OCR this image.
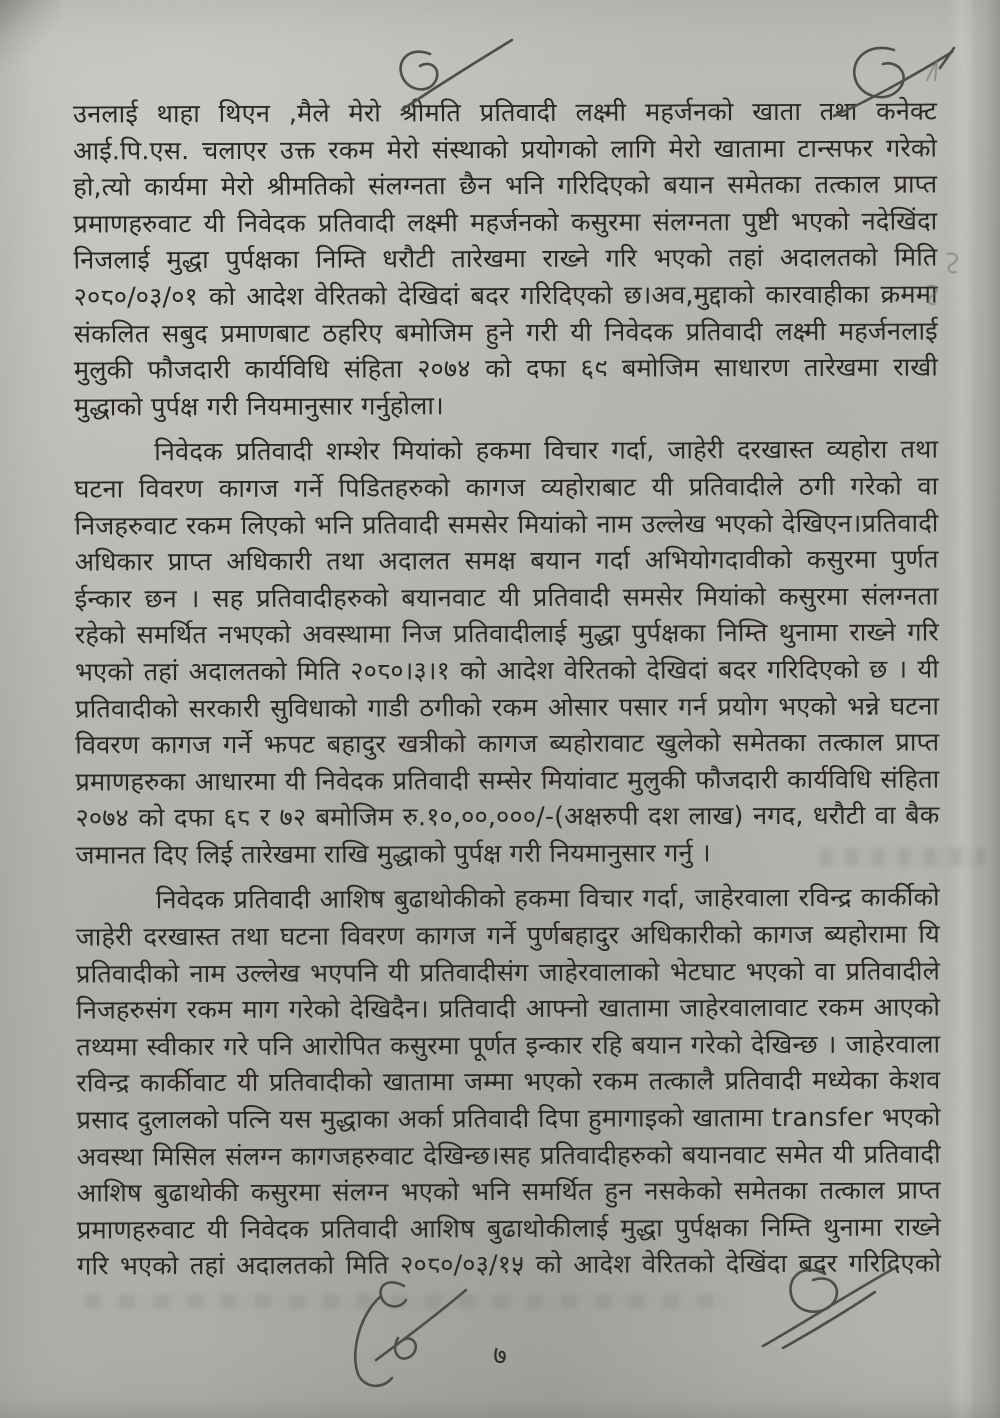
उनलाई थाहा थिएन ,मैले मेरो श्रीमति प्रतिवादी लक्ष्मी महर्जनको खाता तथा कनेक्ट आई.पि.एस. चलाएर उक्त रकम मेरो संस्थाको प्रयोगको लागि मेरो खातामा टान्सफर गरेको हो,त्यो कार्यमा मेरो श्रीमतिको संलग्नता छैन भनि गरिदिएको बयान समेतका तत्काल प्राप्त प्रमाणहरुवाट यी निवेदक प्रतिवादी लक्ष्मी महर्जनको कसुरमा संलग्नता पुष्टी भएको नदेखिंदा निजलाई मुद्धा पुर्पक्षका निम्ति धरौटी तारेखमा राख्ने गरि भएको तहां अदालतको मिति २०८०/०३/०१ को आदेश वेरितको देखिदां बदर गरिदिएको छ।अव,मुद्दाको कारवाहीका क्रममा संकलित सबुद प्रमाणबाट ठहरिए बमोजिम हुने गरी यी निवेदक प्रतिवादी लक्ष्मी महर्जनलाई मुलुकी फौजदारी कार्यविधि संहिता २०७४ को दफा ६९ बमोजिम साधारण तारेखमा राखी मुद्धाको पुर्पक्ष गरी नियमानुसार गर्नुहोला।

निवेदक प्रतिवादी शम्शेर मियांको हकमा विचार गर्दा, जाहेरी दरखास्त व्यहोरा तथा घटना विवरण कागज गर्ने पिडितहरुको कागज व्यहोराबाट यी प्रतिवादीले ठगी गरेको वा निजहरुवाट रकम लिएको भनि प्रतिवादी समसेर मियांको नाम उल्लेख भएको देखिएन।प्रतिवादी अधिकार प्राप्त अधिकारी तथा अदालत समक्ष बयान गर्दा अभियोगदावीको कसुरमा पुर्णत ईन्कार छन । सह प्रतिवादीहरुको बयानवाट यी प्रतिवादी समसेर मियांको कसुरमा संलग्नता रहेको समर्थित नभएको अवस्थामा निज प्रतिवादीलाई मुद्धा पुर्पक्षका निम्ति थुनामा राख्ने गरि भएको तहां अदालतको मिति २०८०।३।१ को आदेश वेरितको देखिदां बदर गरिदिएको छ । यी प्रतिवादीको सरकारी सुविधाको गाडी ठगीको रकम ओसार पसार गर्न प्रयोग भएको भन्ने घटना विवरण कागज गर्ने झपट बहादुर खत्रीको कागज ब्यहोरावाट खुलेको समेतका तत्काल प्राप्त प्रमाणहरुका आधारमा यी निवेदक प्रतिवादी सम्सेर मियांवाट मुलुकी फौजदारी कार्यविधि संहिता २०७४ को दफा ६८ र ७२ बमोजिम रु.१०,००,०००/-(अक्षरुपी दश लाख) नगद, धरौटी वा बैक जमानत दिए लिई तारेखमा राखि मुद्धाको पुर्पक्ष गरी नियमानुसार गर्नु ।

निवेदक प्रतिवादी आशिष बुढाथोकीको हकमा विचार गर्दा, जाहेरवाला रविन्द्र कार्कीको जाहेरी दरखास्त तथा घटना विवरण कागज गर्ने पुर्णबहादुर अधिकारीको कागज ब्यहोरामा यि प्रतिवादीको नाम उल्लेख भएपनि यी प्रतिवादीसंग जाहेरवालाको भेटघाट भएको वा प्रतिवादीले निजहरुसंग रकम माग गरेको देखिदैन। प्रतिवादी आफ्नो खातामा जाहेरवालावाट रकम आएको तथ्यमा स्वीकार गरे पनि आरोपित कसुरमा पूर्णत इन्कार रहि बयान गरेको देखिन्छ । जाहेरवाला रविन्द्र कार्कीवाट यी प्रतिवादीको खातामा जम्मा भएको रकम तत्कालै प्रतिवादी मध्येका केशव प्रसाद दुलालको पत्नि यस मुद्धाका अर्का प्रतिवादी दिपा हुमागाइको खातामा transfer भएको अवस्था मिसिल संलग्न कागजहरुवाट देखिन्छ।सह प्रतिवादीहरुको बयानवाट समेत यी प्रतिवादी आशिष बुढाथोकी कसुरमा संलग्न भएको भनि समर्थित हुन नसकेको समेतका तत्काल प्राप्त प्रमाणहरुवाट यी निवेदक प्रतिवादी आशिष बुढाथोकीलाई मुद्धा पुर्पक्षका निम्ति थुनामा राख्ने गरि भएको तहां अदालतको मिति २०८०/०३/१५ को आदेश वेरितको देखिंदा बदर गरिदिएको

७
